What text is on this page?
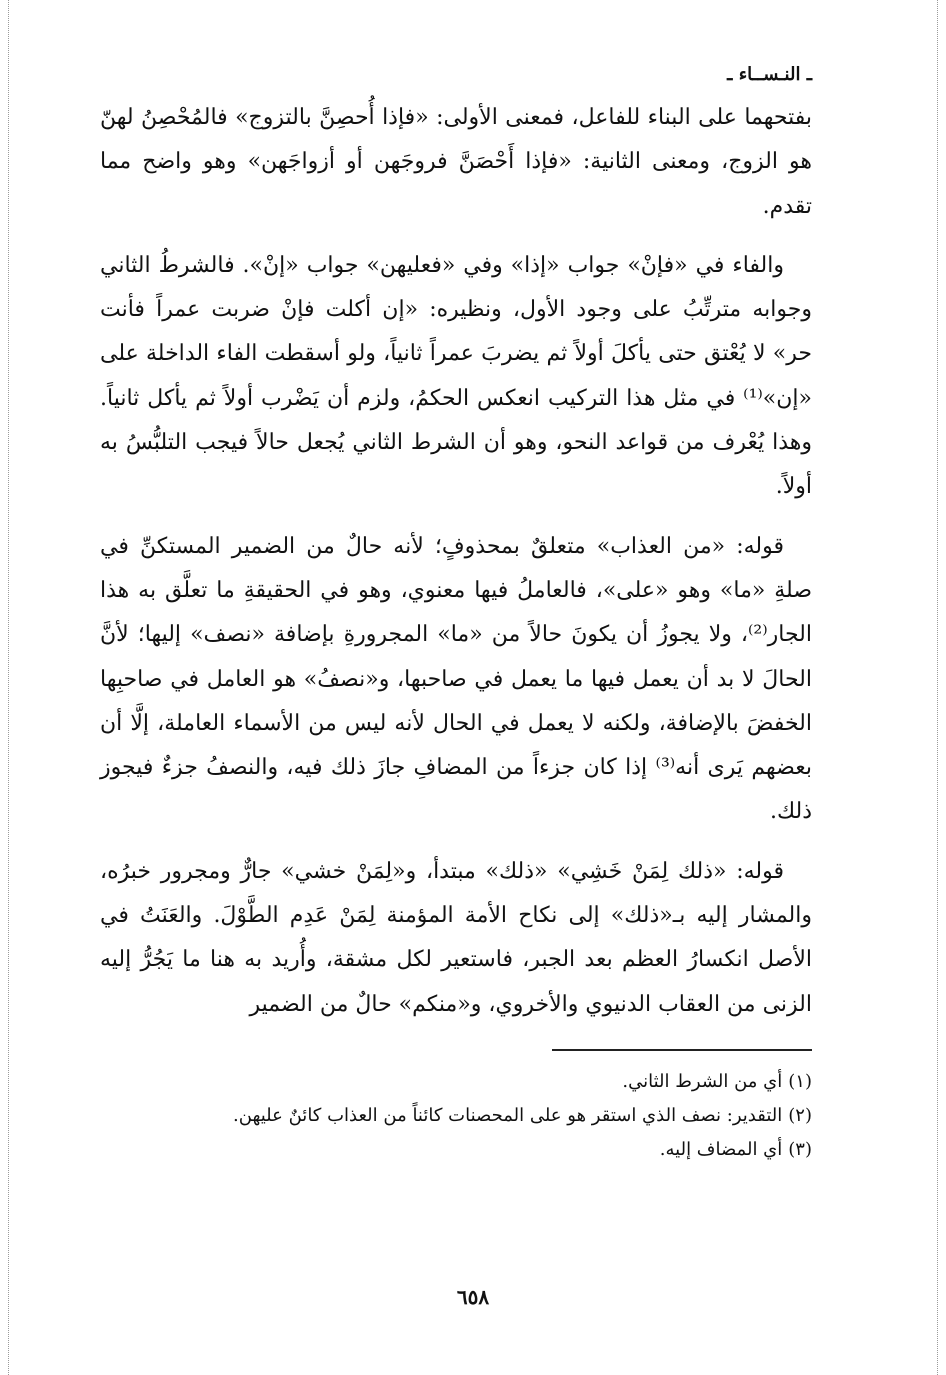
ـ النـســاء ـ

بفتحهما على البناء للفاعل، فمعنى الأولى: «فإذا أُحصِنَّ بالتزوج» فالمُحْصِنُ لهنّ هو الزوج، ومعنى الثانية: «فإذا أَحْصَنَّ فروجَهن أو أزواجَهن» وهو واضح مما تقدم.

والفاء في «فإنْ» جواب «إذا» وفي «فعليهن» جواب «إنْ». فالشرطُ الثاني وجوابه مترتِّبُ على وجود الأول، ونظيره: «إن أكلت فإنْ ضربت عمراً فأنت حر» لا يُعْتق حتى يأكلَ أولاً ثم يضربَ عمراً ثانياً، ولو أسقطت الفاء الداخلة على «إن»⁽¹⁾ في مثل هذا التركيب انعكس الحكمُ، ولزم أن يَضْرب أولاً ثم يأكل ثانياً. وهذا يُعْرف من قواعد النحو، وهو أن الشرط الثاني يُجعل حالاً فيجب التلبُّسُ به أولاً.

قوله: «من العذاب» متعلقٌ بمحذوفٍ؛ لأنه حالٌ من الضمير المستكنِّ في صلةِ «ما» وهو «على»، فالعاملُ فيها معنوي، وهو في الحقيقةِ ما تعلَّق به هذا الجار⁽²⁾، ولا يجوزُ أن يكونَ حالاً من «ما» المجرورةِ بإضافة «نصف» إليها؛ لأنَّ الحالَ لا بد أن يعمل فيها ما يعمل في صاحبها، و«نصفُ» هو العامل في صاحبِها الخفضَ بالإضافة، ولكنه لا يعمل في الحال لأنه ليس من الأسماء العاملة، إلَّا أن بعضهم يَرى أنه⁽³⁾ إذا كان جزءاً من المضافِ جازَ ذلك فيه، والنصفُ جزءٌ فيجوز ذلك.

قوله: «ذلك لِمَنْ خَشِي» «ذلك» مبتدأ، و«لِمَنْ خشي» جارٌّ ومجرور خبرُه، والمشار إليه بـ«ذلك» إلى نكاح الأمة المؤمنة لِمَنْ عَدِم الطَّوْلَ. والعَنَتُ في الأصل انكسارُ العظم بعد الجبر، فاستعير لكل مشقة، وأُريد به هنا ما يَجُرُّ إليه الزنى من العقاب الدنيوي والأخروي، و«منكم» حالٌ من الضمير

(١)أي من الشرط الثاني.

(٢)التقدير: نصف الذي استقر هو على المحصنات كائناً من العذاب كائنٌ عليهن.

(٣)أي المضاف إليه.

٦٥٨
